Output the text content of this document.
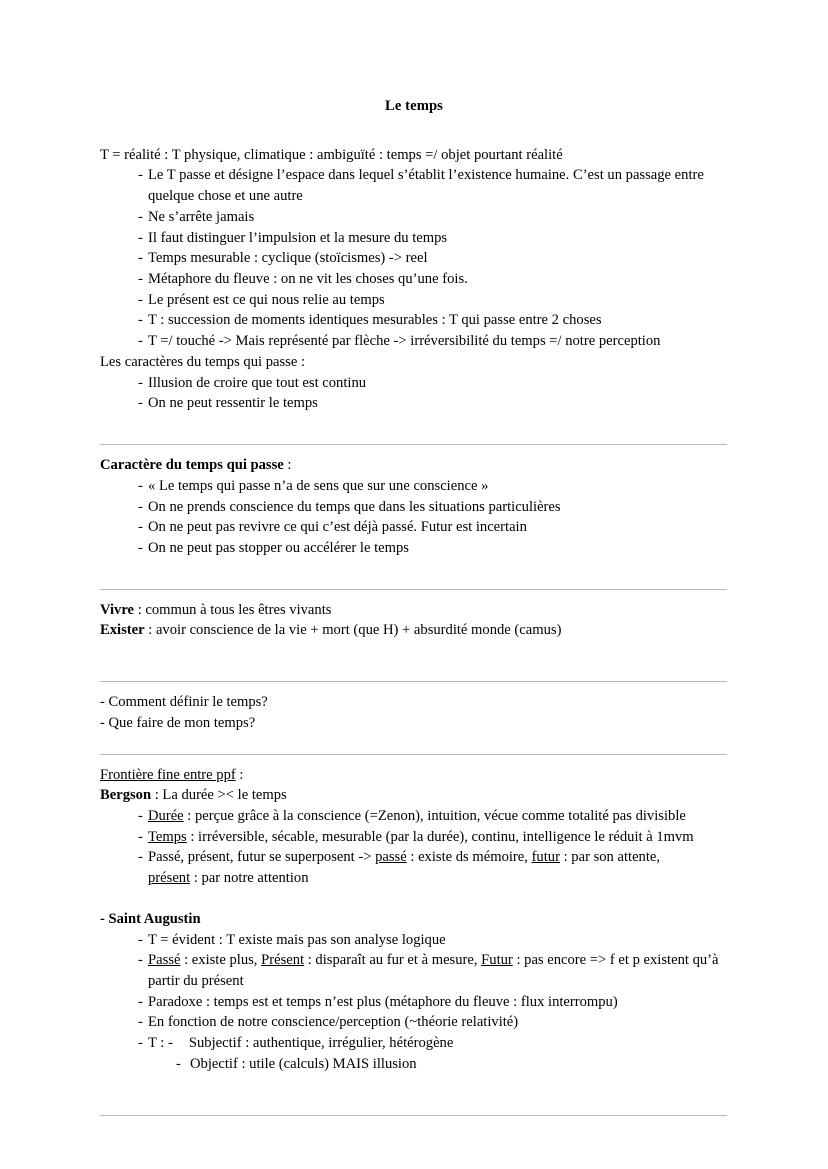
Le temps
T = réalité : T physique, climatique : ambiguïté : temps =/ objet pourtant réalité
- Le T passe et désigne l’espace dans lequel s’établit l’existence humaine. C’est un passage entre quelque chose et une autre
- Ne s’arrête jamais
- Il faut distinguer l’impulsion et la mesure du temps
- Temps mesurable : cyclique (stoïcismes) -> reel
- Métaphore du fleuve : on ne vit les choses qu’une fois.
- Le présent est ce qui nous relie au temps
- T : succession de moments identiques mesurables : T qui passe entre 2 choses
- T =/ touché -> Mais représenté par flèche -> irréversibilité du temps =/ notre perception
Les caractères du temps qui passe :
- Illusion de croire que tout est continu
- On ne peut ressentir le temps
Caractère du temps qui passe :
- « Le temps qui passe n’a de sens que sur une conscience »
- On ne prends conscience du temps que dans les situations particulières
- On ne peut pas revivre ce qui c’est déjà passé. Futur est incertain
- On ne peut pas stopper ou accélérer le temps
Vivre : commun à tous les êtres vivants
Exister : avoir conscience de la vie + mort (que H) + absurdité monde (camus)
- Comment définir le temps?
- Que faire de mon temps?
Frontière fine entre ppf :
Bergson : La durée >< le temps
- Durée : perçue grâce à la conscience (=Zenon), intuition, vécue comme totalité pas divisible
- Temps : irréversible, sécable, mesurable (par la durée), continu, intelligence le réduit à 1mvm
- Passé, présent, futur se superposent -> passé : existe ds mémoire, futur : par son attente,
présent : par notre attention
- Saint Augustin
- T = évident : T existe mais pas son analyse logique
- Passé : existe plus, Présent : disparaît au fur et à mesure, Futur : pas encore => f et p existent qu’à partir du présent
- Paradoxe : temps est et temps n’est plus (métaphore du fleuve : flux interrompu)
- En fonction de notre conscience/perception (~théorie relativité)
- T : - Subjectif : authentique, irrégulier, hétérogène
- Objectif : utile (calculs) MAIS illusion
